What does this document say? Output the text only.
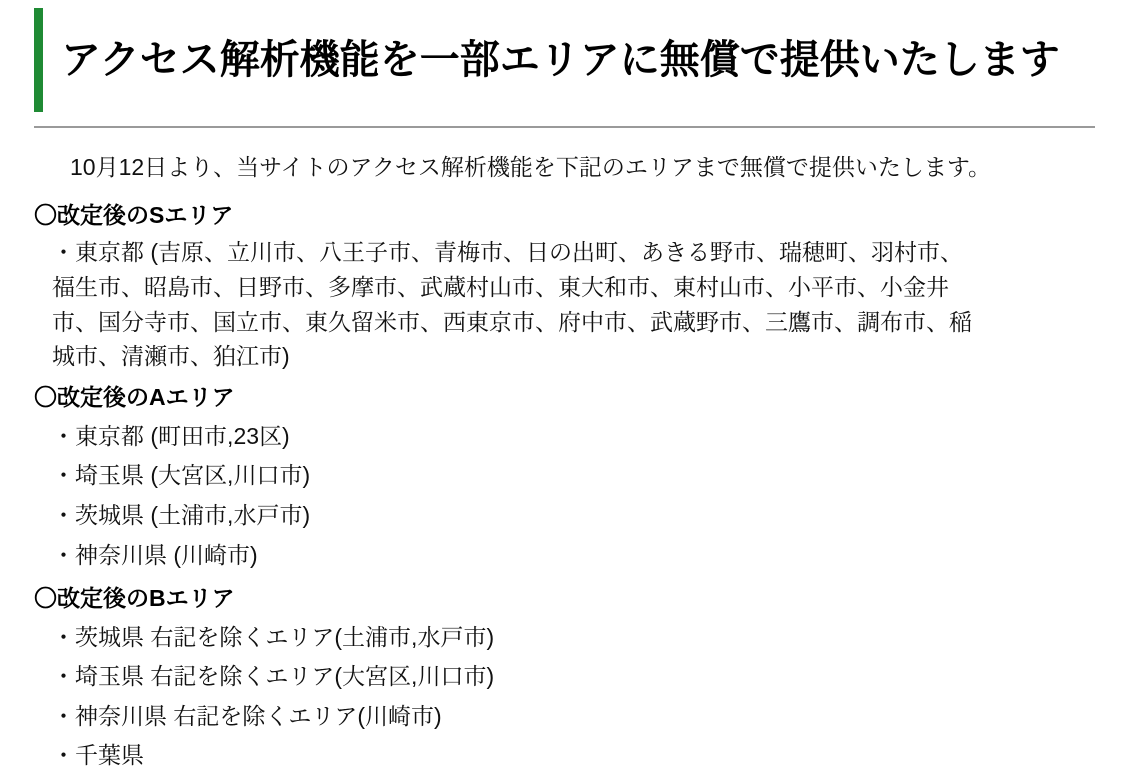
アクセス解析機能を一部エリアに無償で提供いたします

10月12日より、当サイトのアクセス解析機能を下記のエリアまで無償で提供いたします。

〇改定後のSエリア

・東京都 (吉原、立川市、八王子市、青梅市、日の出町、あきる野市、瑞穂町、羽村市、福生市、昭島市、日野市、多摩市、武蔵村山市、東大和市、東村山市、小平市、小金井市、国分寺市、国立市、東久留米市、西東京市、府中市、武蔵野市、三鷹市、調布市、稲城市、清瀬市、狛江市)

〇改定後のAエリア
・東京都 (町田市,23区)
・埼玉県 (大宮区,川口市)
・茨城県 (土浦市,水戸市)
・神奈川県 (川崎市)
〇改定後のBエリア
・茨城県 右記を除くエリア(土浦市,水戸市)
・埼玉県 右記を除くエリア(大宮区,川口市)
・神奈川県 右記を除くエリア(川崎市)
・千葉県
